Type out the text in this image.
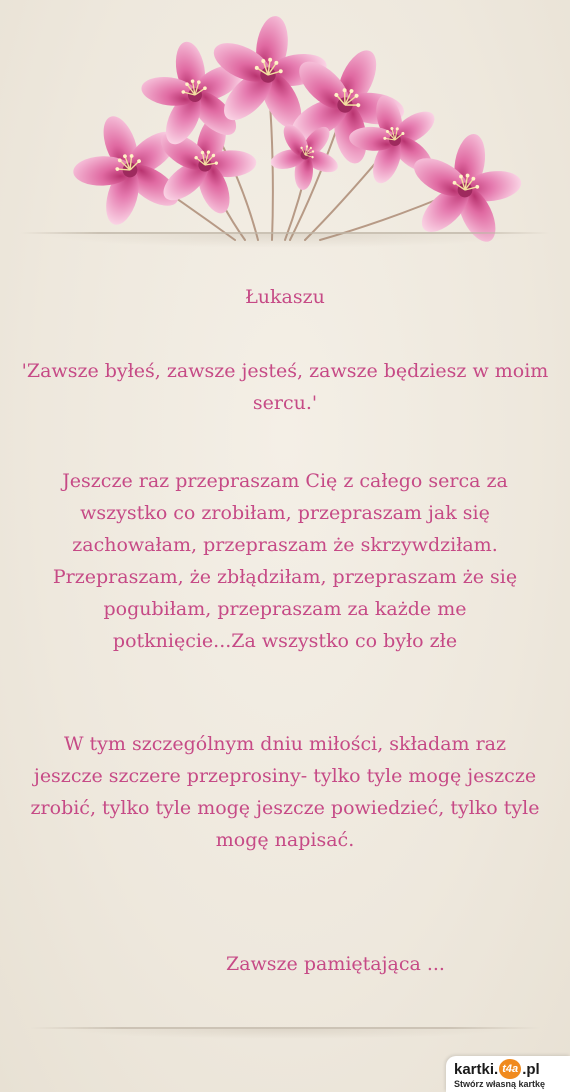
Łukaszu

'Zawsze byłeś, zawsze jesteś, zawsze będziesz w moim
sercu.'
Jeszcze raz przepraszam Cię z całego serca za
wszystko co zrobiłam, przepraszam jak się
zachowałam, przepraszam że skrzywdziłam.
Przepraszam, że zbłądziłam, przepraszam że się
pogubiłam, przepraszam za każde me
potknięcie...Za wszystko co było złe
W tym szczególnym dniu miłości, składam raz
jeszcze szczere przeprosiny- tylko tyle mogę jeszcze
zrobić, tylko tyle mogę jeszcze powiedzieć, tylko tyle
mogę napisać.

Zawsze pamiętająca ...

kartki. t4a . pl
Stwórz własną kartkę
